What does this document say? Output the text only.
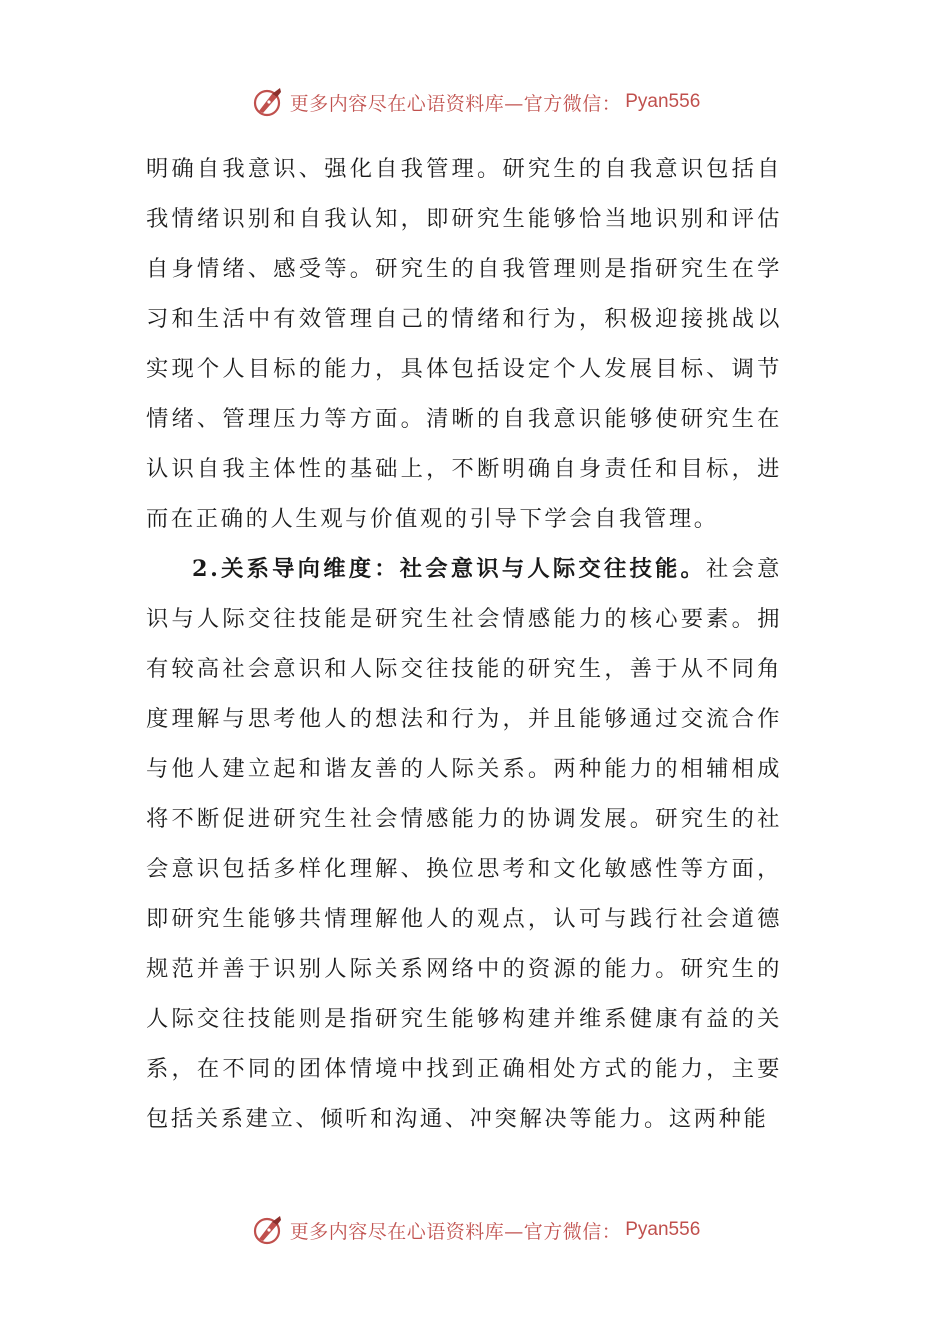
更多内容尽在心语资料库—官方微信： Pyan556

明确自我意识、强化自我管理。研究生的自我意识包括自我情绪识别和自我认知，即研究生能够恰当地识别和评估自身情绪、感受等。研究生的自我管理则是指研究生在学习和生活中有效管理自己的情绪和行为，积极迎接挑战以实现个人目标的能力，具体包括设定个人发展目标、调节情绪、管理压力等方面。清晰的自我意识能够使研究生在认识自我主体性的基础上，不断明确自身责任和目标，进而在正确的人生观与价值观的引导下学会自我管理。

2.关系导向维度：社会意识与人际交往技能。社会意识与人际交往技能是研究生社会情感能力的核心要素。拥有较高社会意识和人际交往技能的研究生，善于从不同角度理解与思考他人的想法和行为，并且能够通过交流合作与他人建立起和谐友善的人际关系。两种能力的相辅相成将不断促进研究生社会情感能力的协调发展。研究生的社会意识包括多样化理解、换位思考和文化敏感性等方面，即研究生能够共情理解他人的观点，认可与践行社会道德规范并善于识别人际关系网络中的资源的能力。研究生的人际交往技能则是指研究生能够构建并维系健康有益的关系，在不同的团体情境中找到正确相处方式的能力，主要包括关系建立、倾听和沟通、冲突解决等能力。这两种能

更多内容尽在心语资料库—官方微信： Pyan556
